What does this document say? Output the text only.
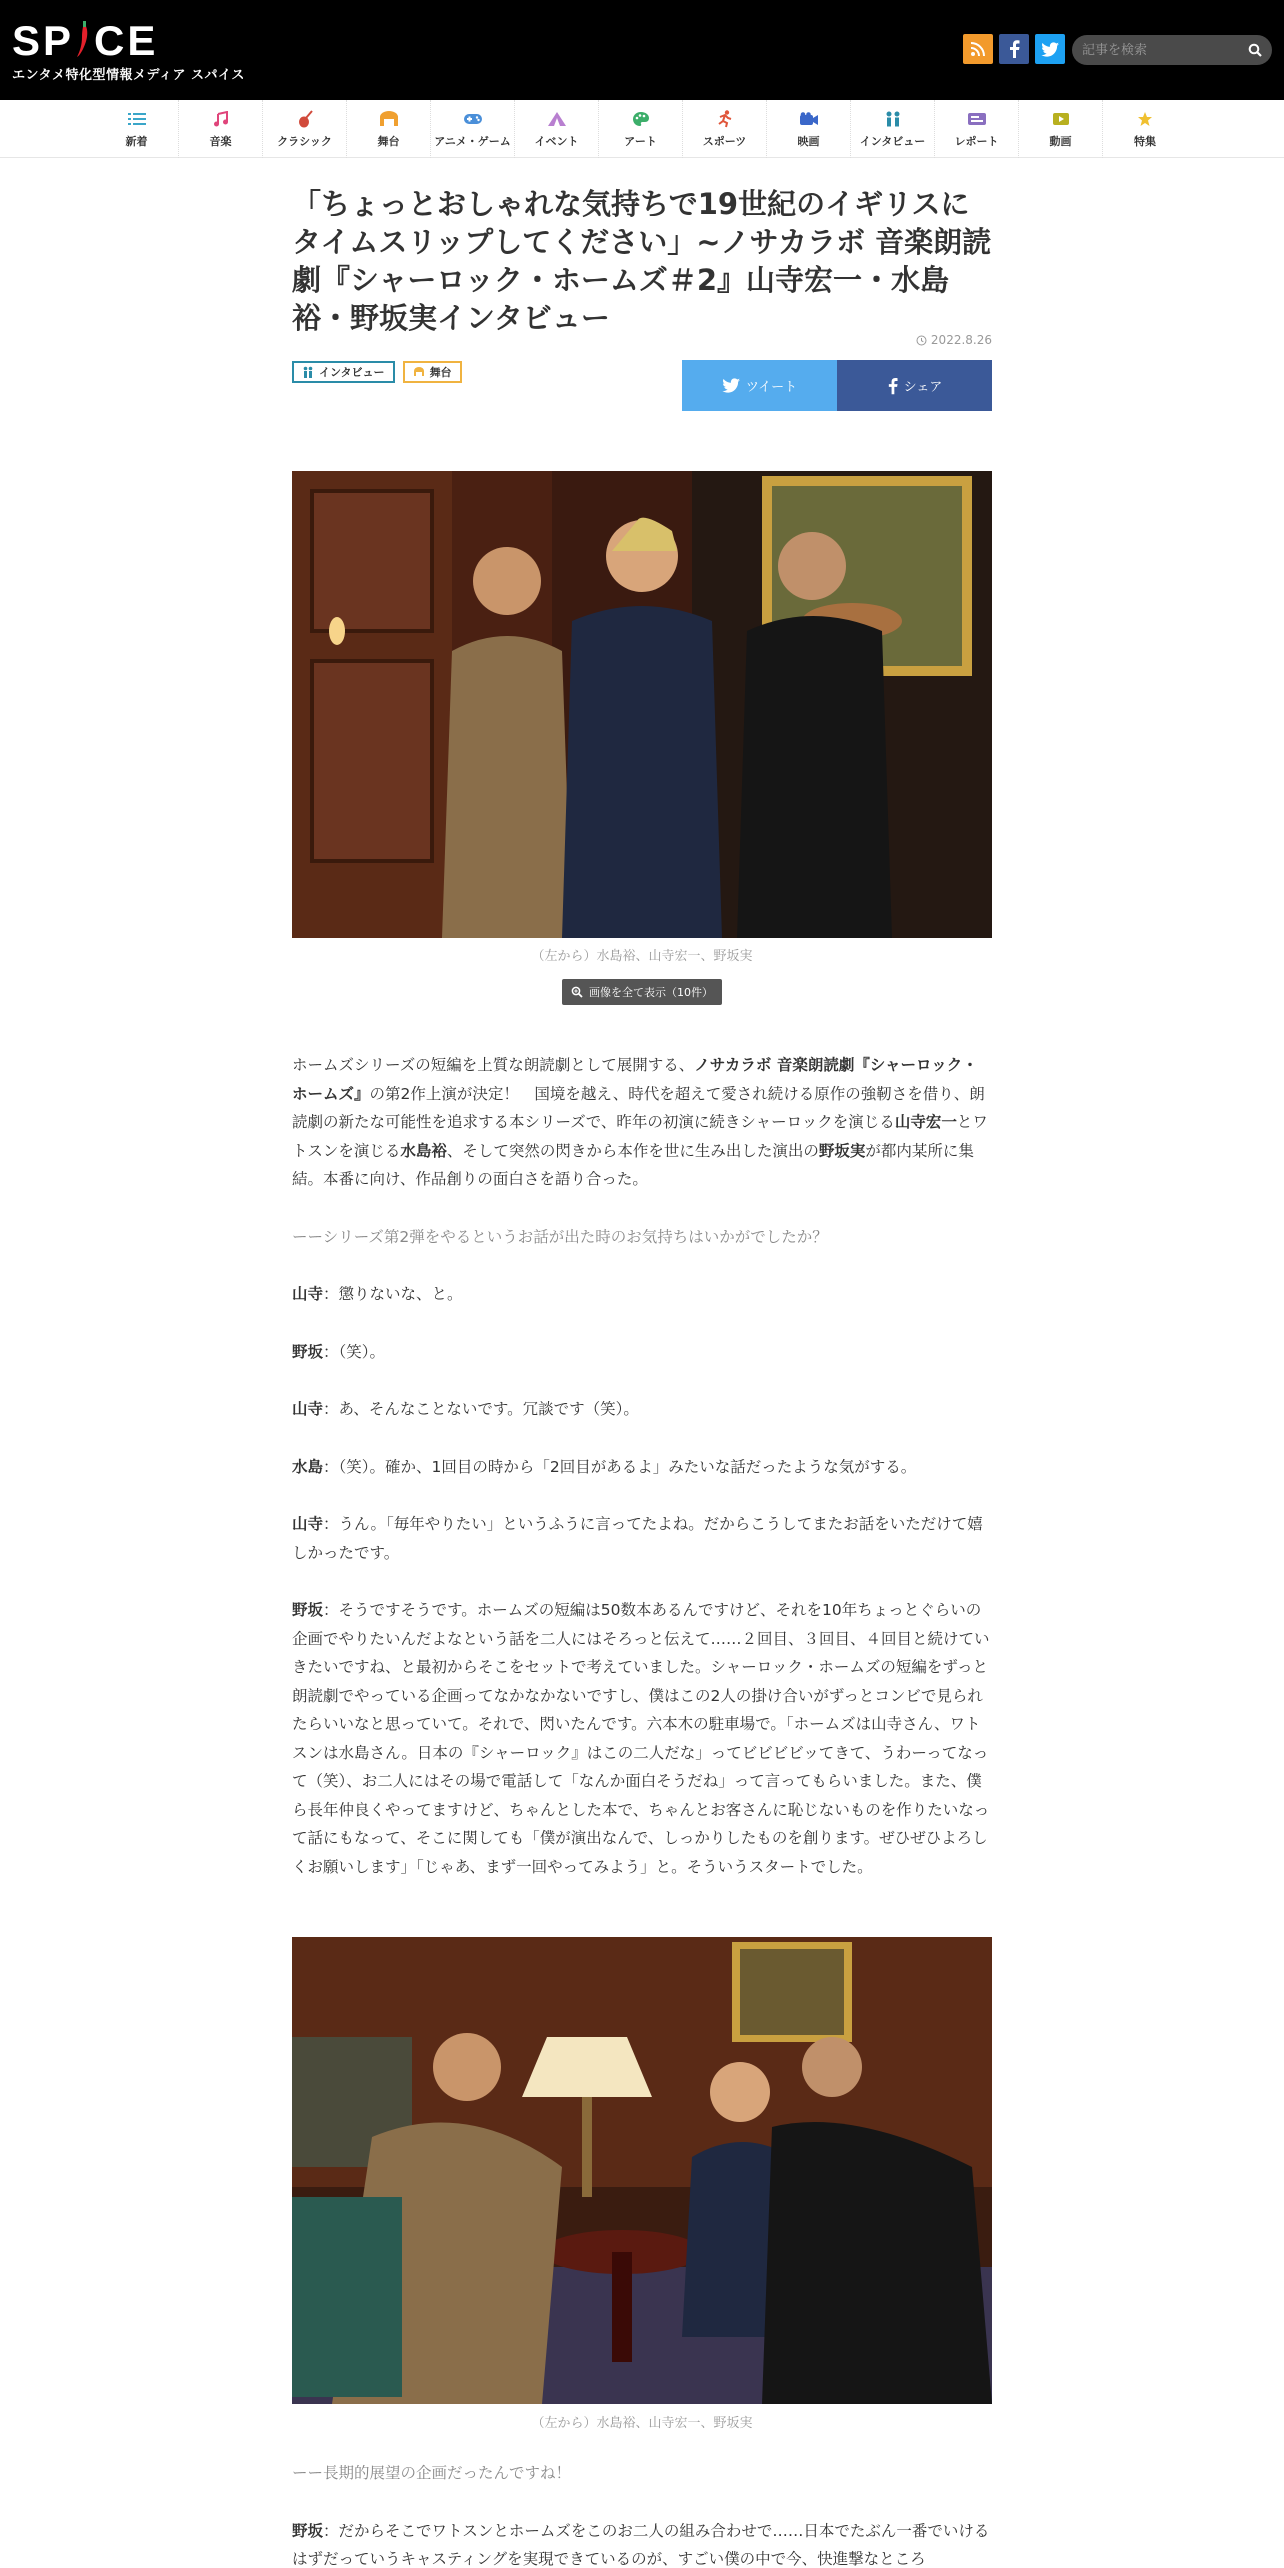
SP CE
エンタメ特化型情報メディア スパイス
記事を検索
新着	音楽	クラシック	舞台	アニメ・ゲーム イベント	アート	スポーツ	映画	インタビュー	レポート	動画	特集
「ちょっとおしゃれな気持ちで19世紀のイギリスにタイムスリップしてください」~ノサカラボ 音楽朗読劇『シャーロック・ホームズ＃2』山寺宏一・水島裕・野坂実インタビュー
2022.8.26
インタビュー	舞台
ツイート	シェア
（左から）水島裕、山寺宏一、野坂実
画像を全て表示（10件）

ホームズシリーズの短編を上質な朗読劇として展開する、ノサカラボ 音楽朗読劇『シャーロック・ホームズ』の第2作上演が決定！　国境を越え、時代を超えて愛され続ける原作の強靭さを借り、朗読劇の新たな可能性を追求する本シリーズで、昨年の初演に続きシャーロックを演じる山寺宏一とワトスンを演じる水島裕、そして突然の閃きから本作を世に生み出した演出の野坂実が都内某所に集結。本番に向け、作品創りの面白さを語り合った。

ーーシリーズ第2弾をやるというお話が出た時のお気持ちはいかがでしたか？

山寺：懲りないな、と。

野坂：（笑）。

山寺：あ、そんなことないです。冗談です（笑）。

水島：（笑）。確か、1回目の時から「2回目があるよ」みたいな話だったような気がする。

山寺：うん。「毎年やりたい」というふうに言ってたよね。だからこうしてまたお話をいただけて嬉しかったです。

野坂：そうですそうです。ホームズの短編は50数本あるんですけど、それを10年ちょっとぐらいの企画でやりたいんだよなという話を二人にはそろっと伝えて……２回目、３回目、４回目と続けていきたいですね、と最初からそこをセットで考えていました。シャーロック・ホームズの短編をずっと朗読劇でやっている企画ってなかなかないですし、僕はこの2人の掛け合いがずっとコンビで見られたらいいなと思っていて。それで、閃いたんです。六本木の駐車場で。「ホームズは山寺さん、ワトスンは水島さん。日本の『シャーロック』はこの二人だな」ってビビビビッてきて、うわーってなって（笑）、お二人にはその場で電話して「なんか面白そうだね」って言ってもらいました。また、僕ら長年仲良くやってますけど、ちゃんとした本で、ちゃんとお客さんに恥じないものを作りたいなって話にもなって、そこに関しても「僕が演出なんで、しっかりしたものを創ります。ぜひぜひよろしくお願いします」「じゃあ、まず一回やってみよう」と。そういうスタートでした。

（左から）水島裕、山寺宏一、野坂実

ーー長期的展望の企画だったんですね！

野坂：だからそこでワトスンとホームズをこのお二人の組み合わせで……日本でたぶん一番でいけるはずだっていうキャスティングを実現できているのが、すごい僕の中で今、快進撃なところ
